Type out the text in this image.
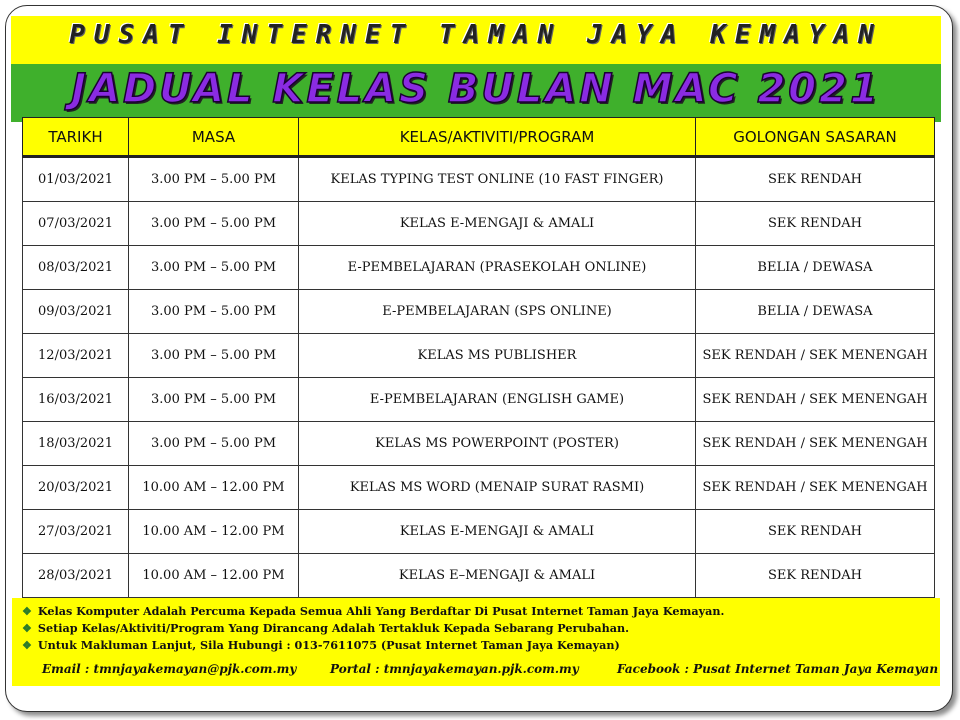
PUSAT INTERNET TAMAN JAYA KEMAYAN
JADUAL KELAS BULAN MAC 2021
TARIKH	MASA	KELAS/AKTIVITI/PROGRAM	GOLONGAN SASARAN
01/03/2021	3.00 PM – 5.00 PM	KELAS TYPING TEST ONLINE (10 FAST FINGER)	SEK RENDAH
07/03/2021	3.00 PM – 5.00 PM	KELAS E-MENGAJI & AMALI	SEK RENDAH
08/03/2021	3.00 PM – 5.00 PM	E-PEMBELAJARAN (PRASEKOLAH ONLINE)	BELIA / DEWASA
09/03/2021	3.00 PM – 5.00 PM	E-PEMBELAJARAN (SPS ONLINE)	BELIA / DEWASA
12/03/2021	3.00 PM – 5.00 PM	KELAS MS PUBLISHER	SEK RENDAH / SEK MENENGAH
16/03/2021	3.00 PM – 5.00 PM	E-PEMBELAJARAN (ENGLISH GAME)	SEK RENDAH / SEK MENENGAH
18/03/2021	3.00 PM – 5.00 PM	KELAS MS POWERPOINT (POSTER)	SEK RENDAH / SEK MENENGAH
20/03/2021	10.00 AM – 12.00 PM	KELAS MS WORD (MENAIP SURAT RASMI)	SEK RENDAH / SEK MENENGAH
27/03/2021	10.00 AM – 12.00 PM	KELAS E-MENGAJI & AMALI	SEK RENDAH
28/03/2021	10.00 AM – 12.00 PM	KELAS E–MENGAJI & AMALI	SEK RENDAH
❖ Kelas Komputer Adalah Percuma Kepada Semua Ahli Yang Berdaftar Di Pusat Internet Taman Jaya Kemayan.
❖ Setiap Kelas/Aktiviti/Program Yang Dirancang Adalah Tertakluk Kepada Sebarang Perubahan.
❖ Untuk Makluman Lanjut, Sila Hubungi : 013-7611075 (Pusat Internet Taman Jaya Kemayan)
Email : tmnjayakemayan@pjk.com.my	Portal : tmnjayakemayan.pjk.com.my	Facebook : Pusat Internet Taman Jaya Kemayan
